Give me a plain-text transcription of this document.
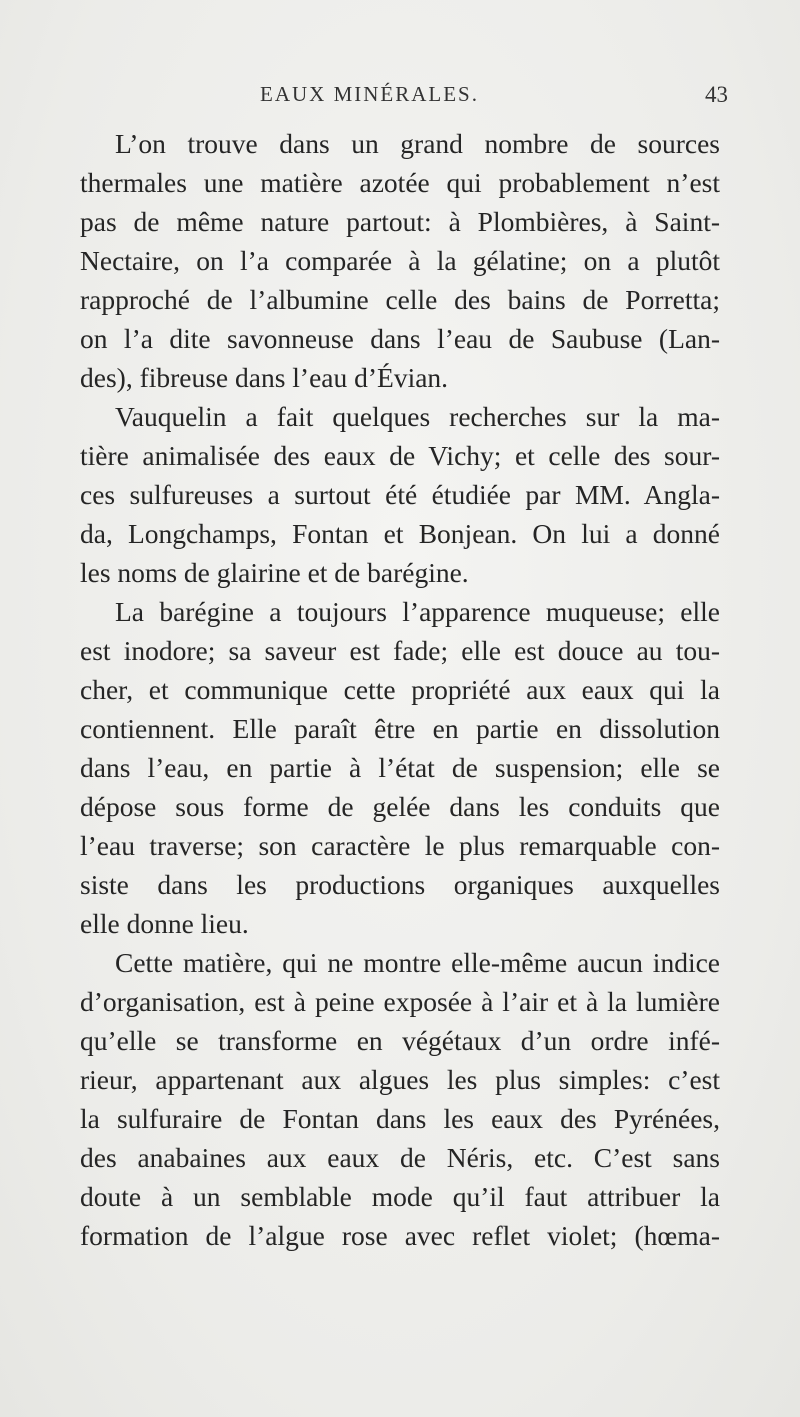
EAUX MINÉRALES.	43
L’on trouve dans un grand nombre de sources
thermales une matière azotée qui probablement n’est
pas de même nature partout: à Plombières, à Saint-
Nectaire, on l’a comparée à la gélatine; on a plutôt
rapproché de l’albumine celle des bains de Porretta;
on l’a dite savonneuse dans l’eau de Saubuse (Lan-
des), fibreuse dans l’eau d’Évian.
Vauquelin a fait quelques recherches sur la ma-
tière animalisée des eaux de Vichy; et celle des sour-
ces sulfureuses a surtout été étudiée par MM. Angla-
da, Longchamps, Fontan et Bonjean. On lui a donné
les noms de glairine et de barégine.
La barégine a toujours l’apparence muqueuse; elle
est inodore; sa saveur est fade; elle est douce au tou-
cher, et communique cette propriété aux eaux qui la
contiennent. Elle paraît être en partie en dissolution
dans l’eau, en partie à l’état de suspension; elle se
dépose sous forme de gelée dans les conduits que
l’eau traverse; son caractère le plus remarquable con-
siste dans les productions organiques auxquelles
elle donne lieu.
Cette matière, qui ne montre elle-même aucun indice
d’organisation, est à peine exposée à l’air et à la lumière
qu’elle se transforme en végétaux d’un ordre infé-
rieur, appartenant aux algues les plus simples: c’est
la sulfuraire de Fontan dans les eaux des Pyrénées,
des anabaines aux eaux de Néris, etc. C’est sans
doute à un semblable mode qu’il faut attribuer la
formation de l’algue rose avec reflet violet; (hœma-
